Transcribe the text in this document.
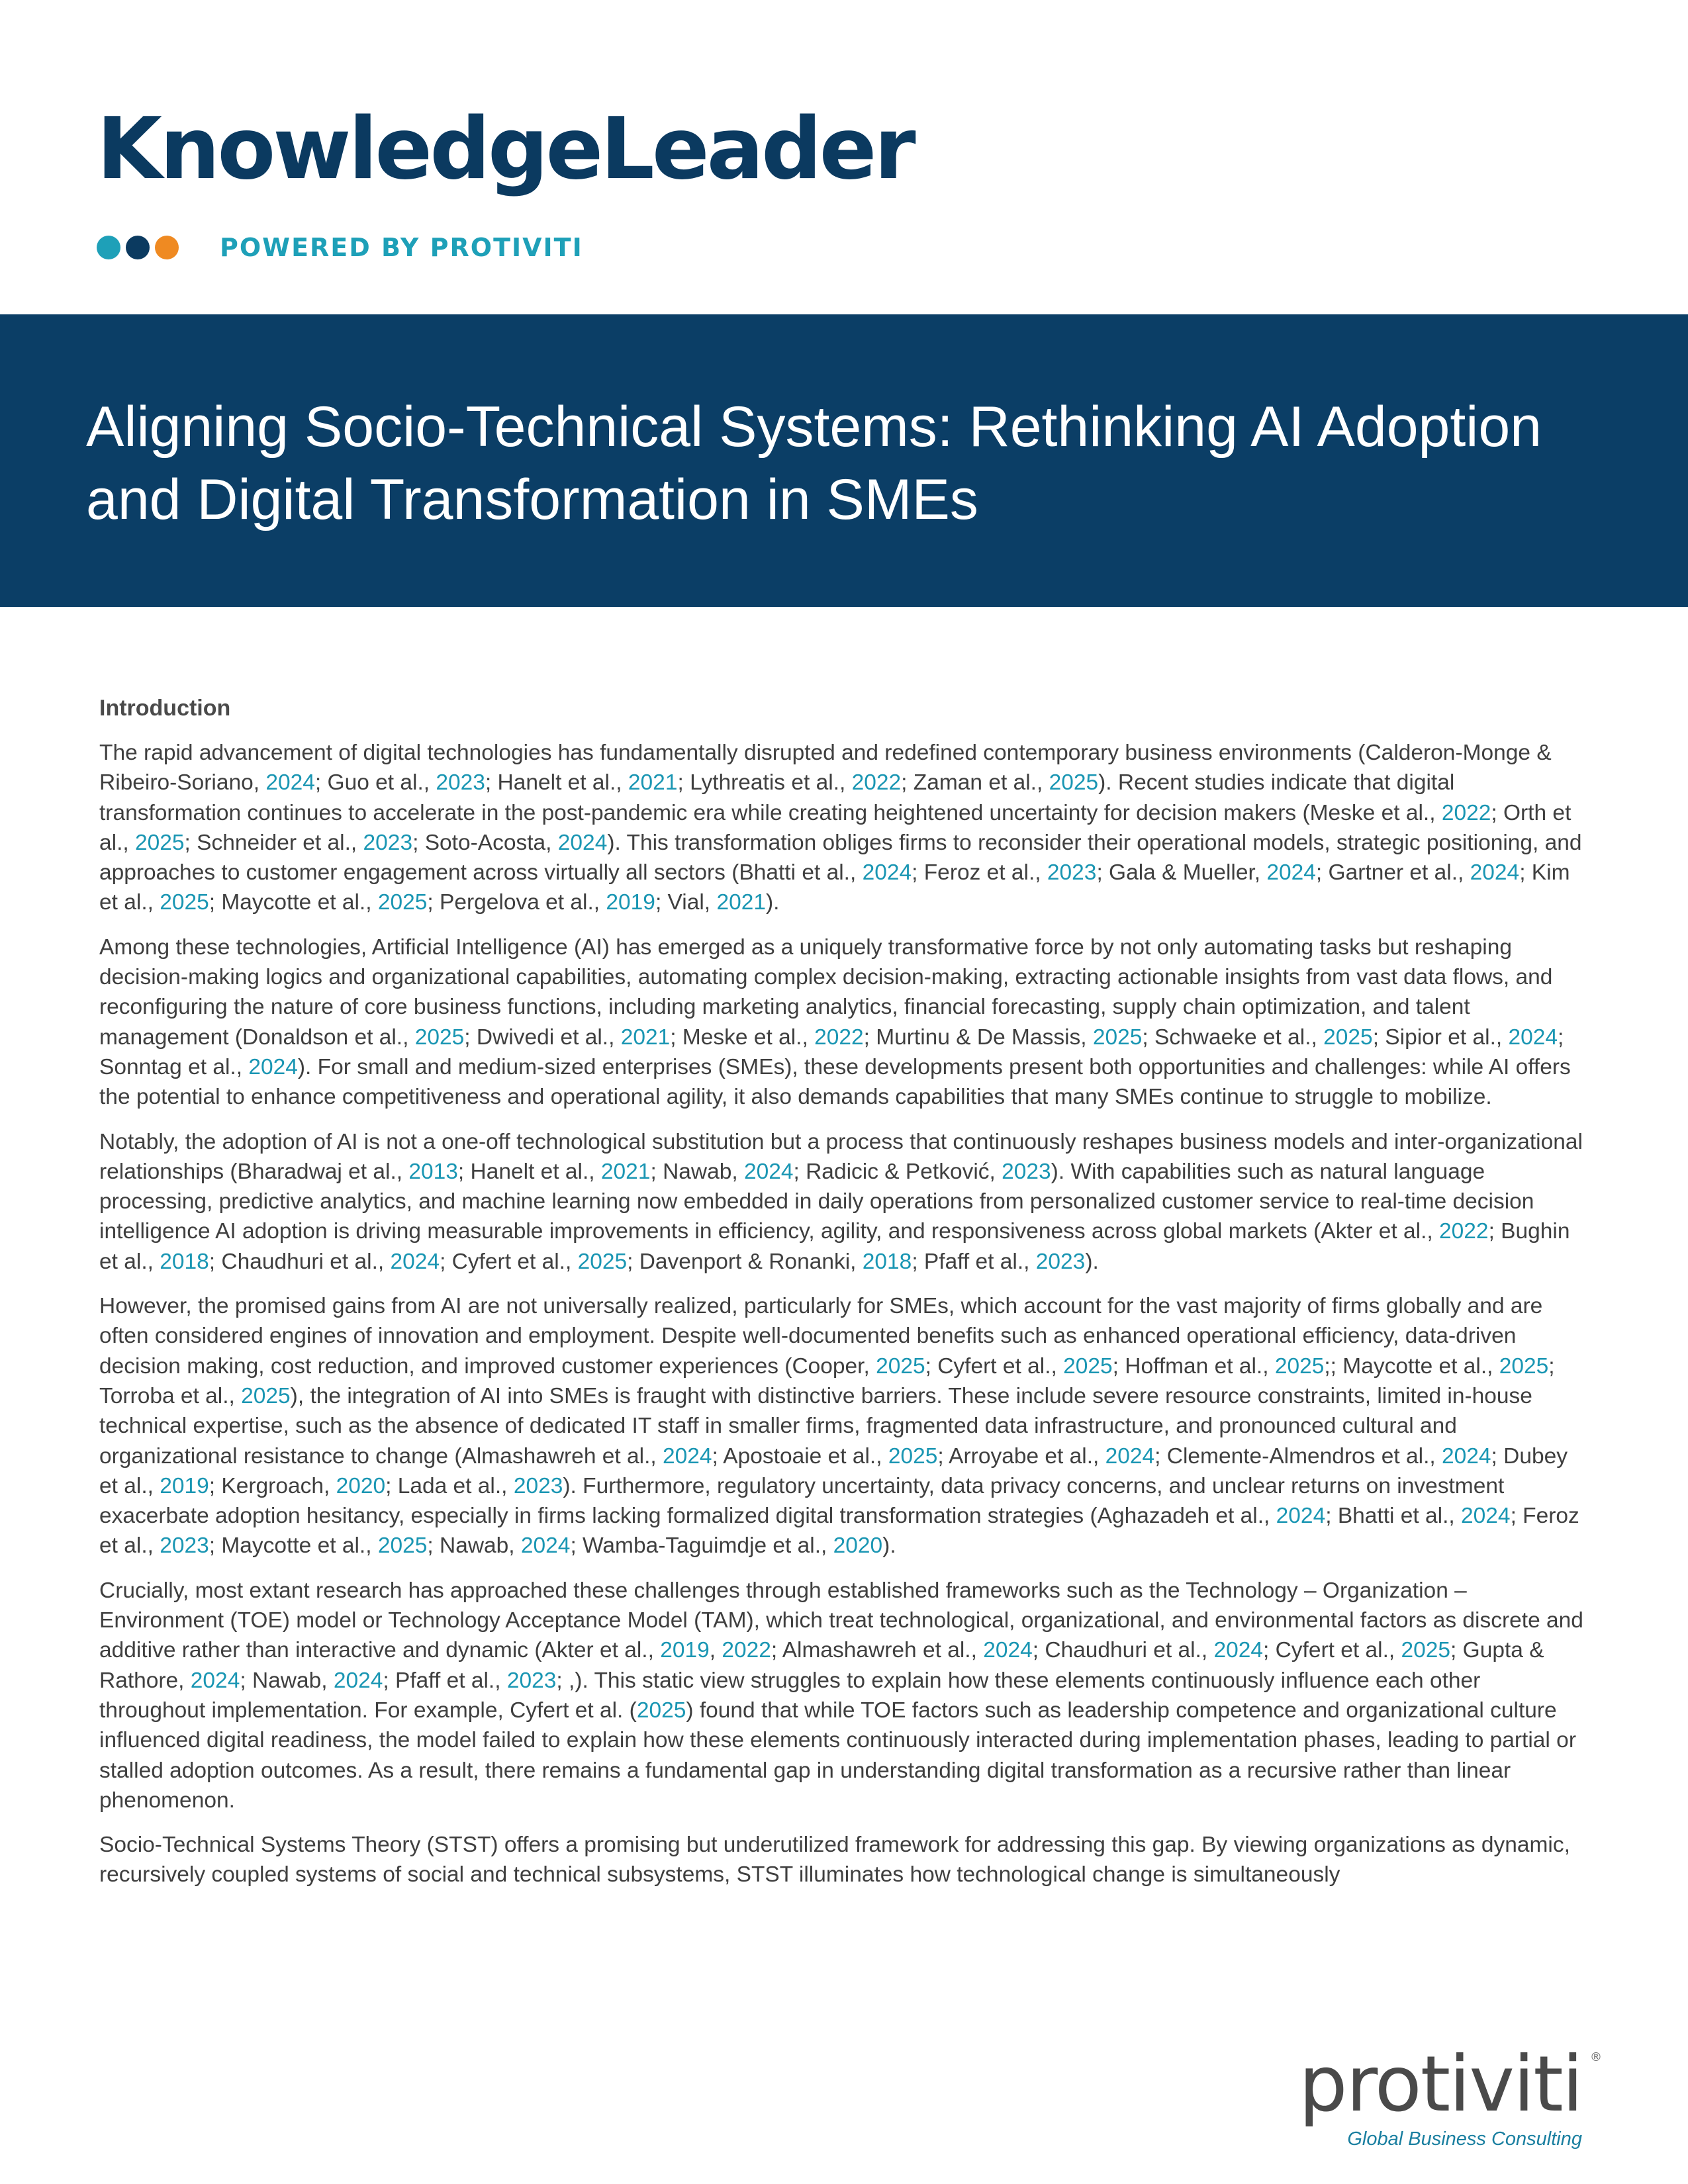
KnowledgeLeader
POWERED BY PROTIVITI
Aligning Socio-Technical Systems: Rethinking AI Adoption and Digital Transformation in SMEs
Introduction

The rapid advancement of digital technologies has fundamentally disrupted and redefined contemporary business environments (Calderon-Monge & Ribeiro-Soriano, 2024; Guo et al., 2023; Hanelt et al., 2021; Lythreatis et al., 2022; Zaman et al., 2025). Recent studies indicate that digital transformation continues to accelerate in the post-pandemic era while creating heightened uncertainty for decision makers (Meske et al., 2022; Orth et al., 2025; Schneider et al., 2023; Soto-Acosta, 2024). This transformation obliges firms to reconsider their operational models, strategic positioning, and approaches to customer engagement across virtually all sectors (Bhatti et al., 2024; Feroz et al., 2023; Gala & Mueller, 2024; Gartner et al., 2024; Kim et al., 2025; Maycotte et al., 2025; Pergelova et al., 2019; Vial, 2021).

Among these technologies, Artificial Intelligence (AI) has emerged as a uniquely transformative force by not only automating tasks but reshaping decision-making logics and organizational capabilities, automating complex decision-making, extracting actionable insights from vast data flows, and reconfiguring the nature of core business functions, including marketing analytics, financial forecasting, supply chain optimization, and talent management (Donaldson et al., 2025; Dwivedi et al., 2021; Meske et al., 2022; Murtinu & De Massis, 2025; Schwaeke et al., 2025; Sipior et al., 2024; Sonntag et al., 2024). For small and medium-sized enterprises (SMEs), these developments present both opportunities and challenges: while AI offers the potential to enhance competitiveness and operational agility, it also demands capabilities that many SMEs continue to struggle to mobilize.

Notably, the adoption of AI is not a one-off technological substitution but a process that continuously reshapes business models and inter-organizational relationships (Bharadwaj et al., 2013; Hanelt et al., 2021; Nawab, 2024; Radicic & Petković, 2023). With capabilities such as natural language processing, predictive analytics, and machine learning now embedded in daily operations from personalized customer service to real-time decision intelligence AI adoption is driving measurable improvements in efficiency, agility, and responsiveness across global markets (Akter et al., 2022; Bughin et al., 2018; Chaudhuri et al., 2024; Cyfert et al., 2025; Davenport & Ronanki, 2018; Pfaff et al., 2023).

However, the promised gains from AI are not universally realized, particularly for SMEs, which account for the vast majority of firms globally and are often considered engines of innovation and employment. Despite well-documented benefits such as enhanced operational efficiency, data-driven decision making, cost reduction, and improved customer experiences (Cooper, 2025; Cyfert et al., 2025; Hoffman et al., 2025;; Maycotte et al., 2025; Torroba et al., 2025), the integration of AI into SMEs is fraught with distinctive barriers. These include severe resource constraints, limited in-house technical expertise, such as the absence of dedicated IT staff in smaller firms, fragmented data infrastructure, and pronounced cultural and organizational resistance to change (Almashawreh et al., 2024; Apostoaie et al., 2025; Arroyabe et al., 2024; Clemente-Almendros et al., 2024; Dubey et al., 2019; Kergroach, 2020; Lada et al., 2023). Furthermore, regulatory uncertainty, data privacy concerns, and unclear returns on investment exacerbate adoption hesitancy, especially in firms lacking formalized digital transformation strategies (Aghazadeh et al., 2024; Bhatti et al., 2024; Feroz et al., 2023; Maycotte et al., 2025; Nawab, 2024; Wamba-Taguimdje et al., 2020).

Crucially, most extant research has approached these challenges through established frameworks such as the Technology – Organization – Environment (TOE) model or Technology Acceptance Model (TAM), which treat technological, organizational, and environmental factors as discrete and additive rather than interactive and dynamic (Akter et al., 2019, 2022; Almashawreh et al., 2024; Chaudhuri et al., 2024; Cyfert et al., 2025; Gupta & Rathore, 2024; Nawab, 2024; Pfaff et al., 2023; ,). This static view struggles to explain how these elements continuously influence each other throughout implementation. For example, Cyfert et al. (2025) found that while TOE factors such as leadership competence and organizational culture influenced digital readiness, the model failed to explain how these elements continuously interacted during implementation phases, leading to partial or stalled adoption outcomes. As a result, there remains a fundamental gap in understanding digital transformation as a recursive rather than linear phenomenon.

Socio-Technical Systems Theory (STST) offers a promising but underutilized framework for addressing this gap. By viewing organizations as dynamic, recursively coupled systems of social and technical subsystems, STST illuminates how technological change is simultaneously

protiviti ®
Global Business Consulting
